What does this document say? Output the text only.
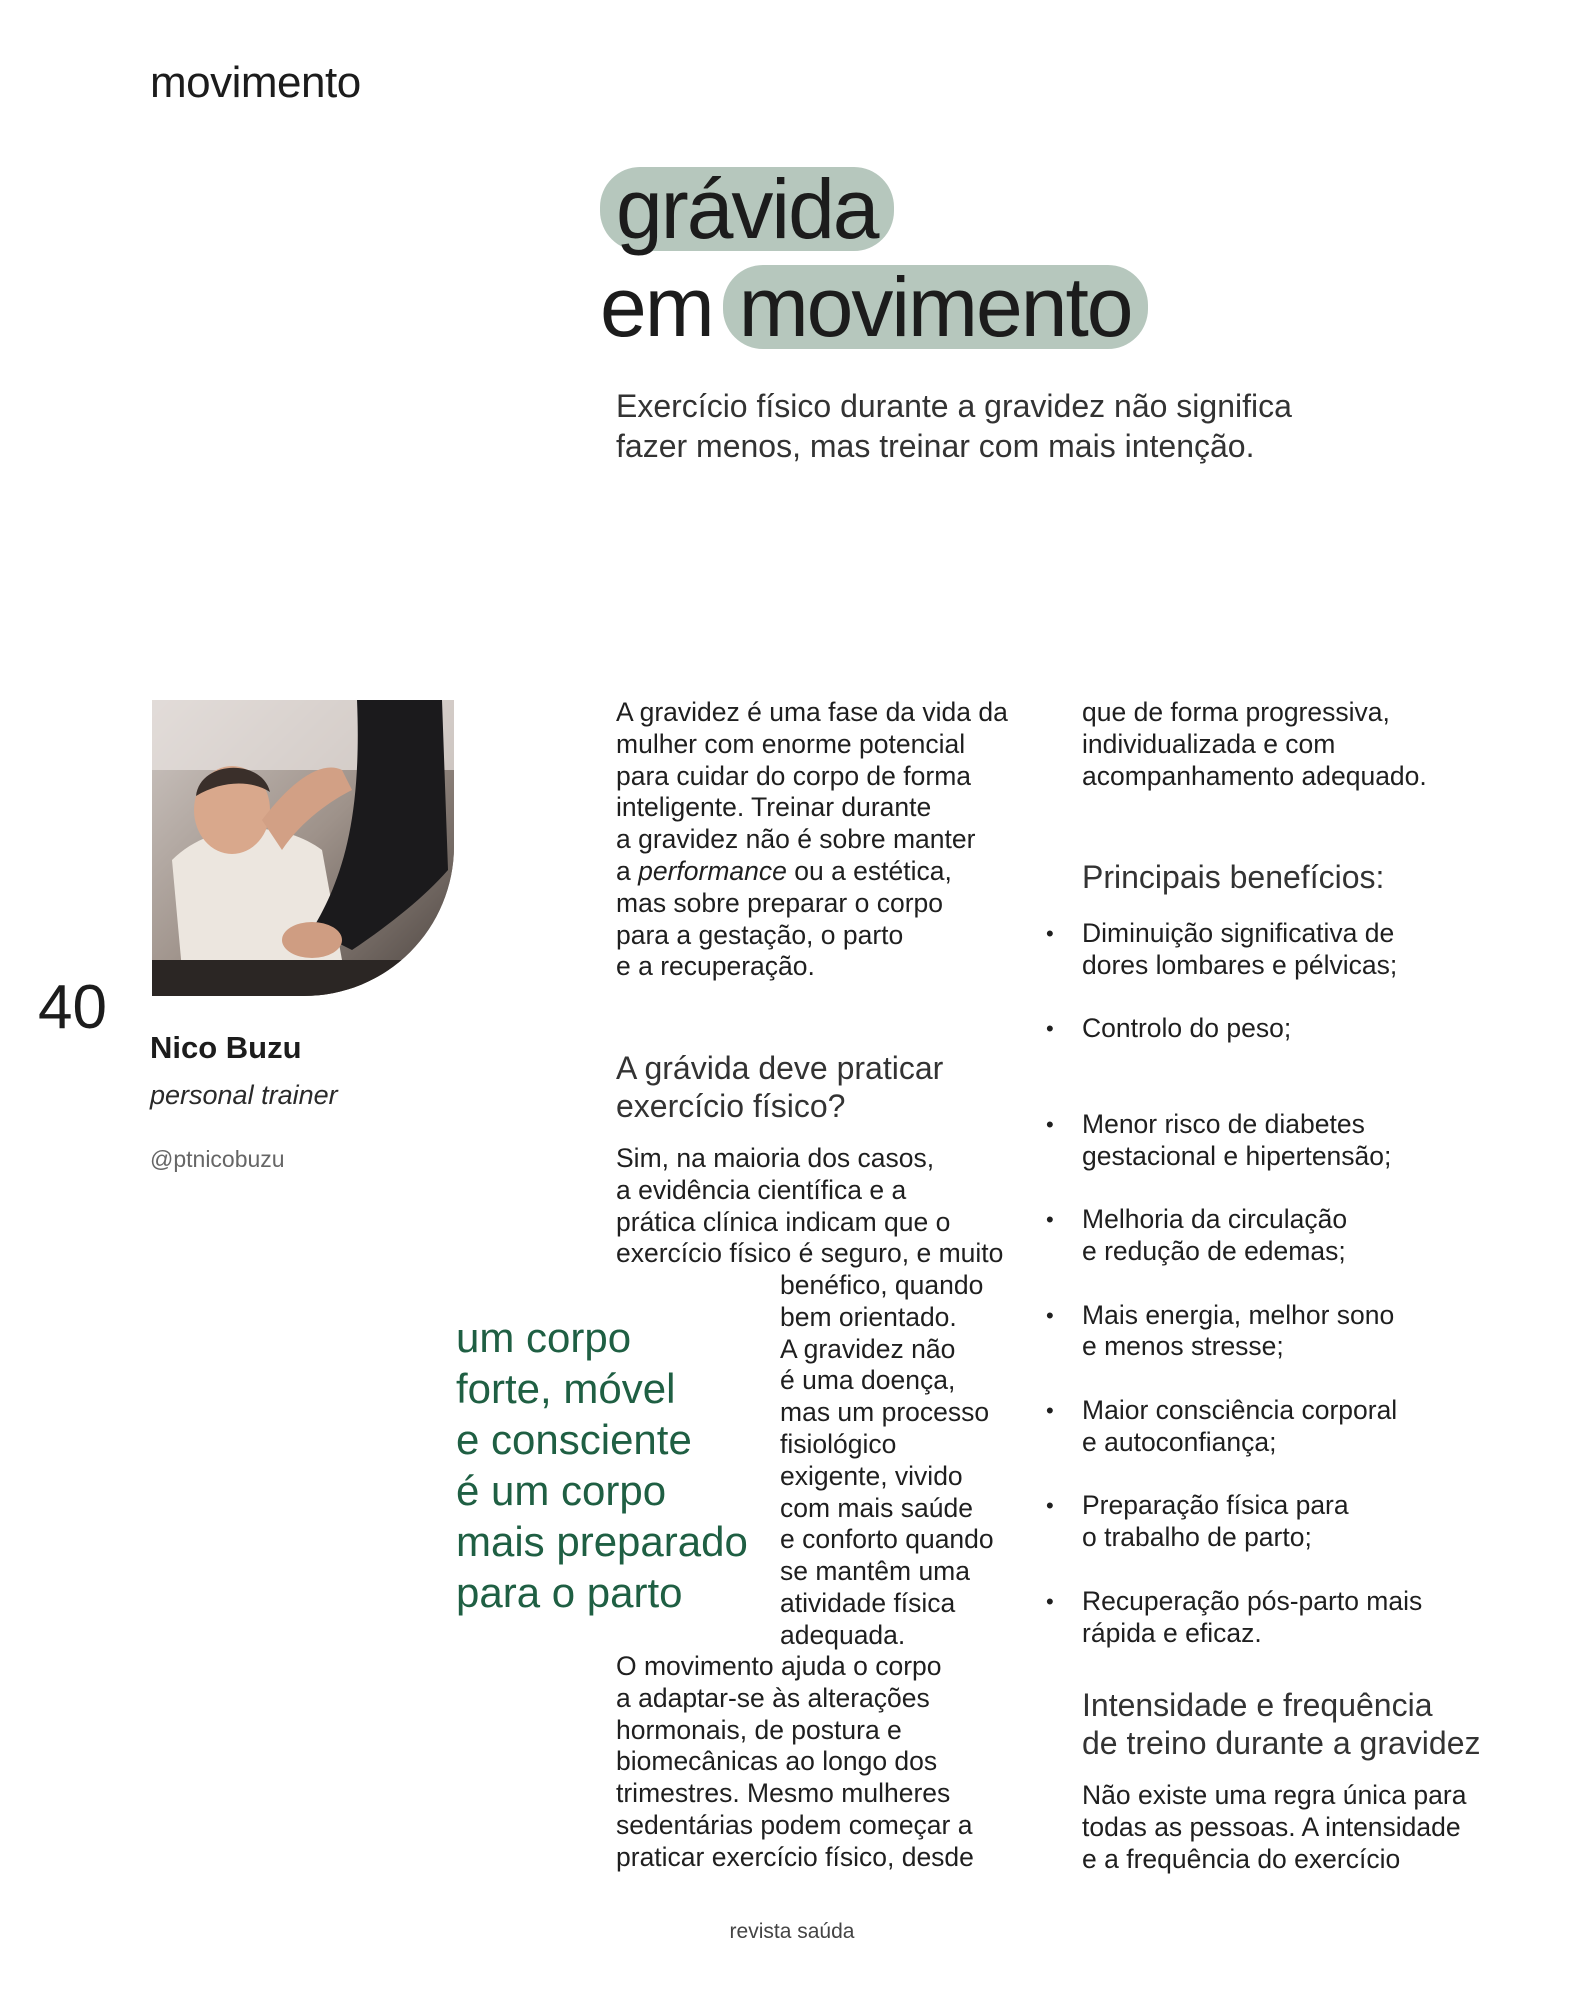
movimento
grávida
em movimento
Exercício físico durante a gravidez não significa
fazer menos, mas treinar com mais intenção.
40
Nico Buzu
personal trainer
@ptnicobuzu
A gravidez é uma fase da vida da
mulher com enorme potencial
para cuidar do corpo de forma
inteligente. Treinar durante
a gravidez não é sobre manter
a performance ou a estética,
mas sobre preparar o corpo
para a gestação, o parto
e a recuperação.
A grávida deve praticar
exercício físico?
Sim, na maioria dos casos,
a evidência científica e a
prática clínica indicam que o
exercício físico é seguro, e muito
benéfico, quando
bem orientado.
A gravidez não
é uma doença,
mas um processo
fisiológico
exigente, vivido
com mais saúde
e conforto quando
se mantêm uma
atividade física
adequada.
O movimento ajuda o corpo
a adaptar-se às alterações
hormonais, de postura e
biomecânicas ao longo dos
trimestres. Mesmo mulheres
sedentárias podem começar a
praticar exercício físico, desde
um corpo
forte, móvel
e consciente
é um corpo
mais preparado
para o parto
que de forma progressiva,
individualizada e com
acompanhamento adequado.
Principais benefícios:
• Diminuição significativa de
dores lombares e pélvicas;
• Controlo do peso;
• Menor risco de diabetes
gestacional e hipertensão;
• Melhoria da circulação
e redução de edemas;
• Mais energia, melhor sono
e menos stresse;
• Maior consciência corporal
e autoconfiança;
• Preparação física para
o trabalho de parto;
• Recuperação pós-parto mais
rápida e eficaz.
Intensidade e frequência
de treino durante a gravidez
Não existe uma regra única para
todas as pessoas. A intensidade
e a frequência do exercício
revista saúda
